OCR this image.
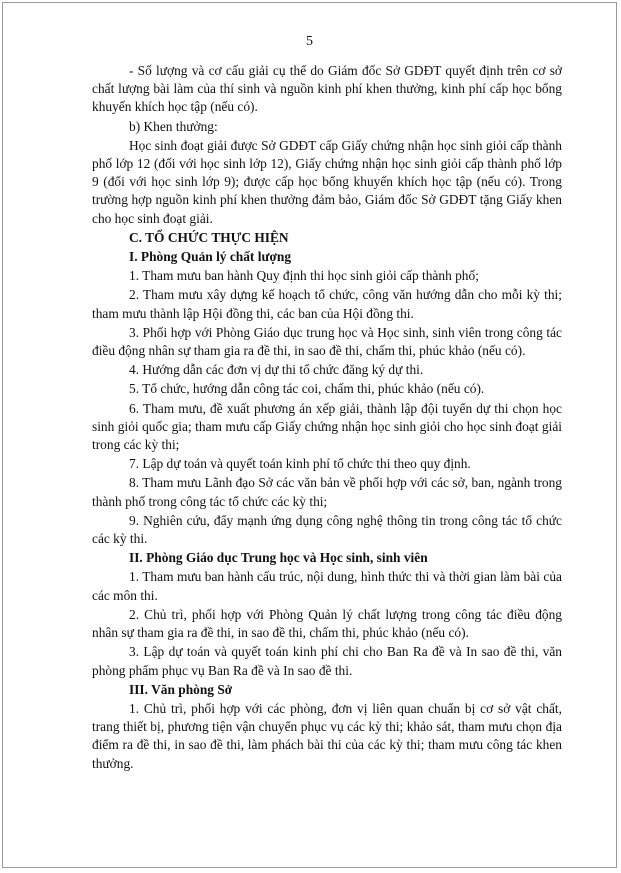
5

- Số lượng và cơ cấu giải cụ thể do Giám đốc Sở GDĐT quyết định trên cơ sở chất lượng bài làm của thí sinh và nguồn kinh phí khen thưởng, kinh phí cấp học bổng khuyến khích học tập (nếu có).

b) Khen thưởng:

Học sinh đoạt giải được Sở GDĐT cấp Giấy chứng nhận học sinh giỏi cấp thành phố lớp 12 (đối với học sinh lớp 12), Giấy chứng nhận học sinh giỏi cấp thành phố lớp 9 (đối với học sinh lớp 9); được cấp học bổng khuyến khích học tập (nếu có). Trong trường hợp nguồn kinh phí khen thưởng đảm bảo, Giám đốc Sở GDĐT tặng Giấy khen cho học sinh đoạt giải.

C. TỔ CHỨC THỰC HIỆN

I. Phòng Quản lý chất lượng

1. Tham mưu ban hành Quy định thi học sinh giỏi cấp thành phố;

2. Tham mưu xây dựng kế hoạch tổ chức, công văn hướng dẫn cho mỗi kỳ thi; tham mưu thành lập Hội đồng thi, các ban của Hội đồng thi.

3. Phối hợp với Phòng Giáo dục trung học và Học sinh, sinh viên trong công tác điều động nhân sự tham gia ra đề thi, in sao đề thi, chấm thi, phúc khảo (nếu có).

4. Hướng dẫn các đơn vị dự thi tổ chức đăng ký dự thi.

5. Tổ chức, hướng dẫn công tác coi, chấm thi, phúc khảo (nếu có).

6. Tham mưu, đề xuất phương án xếp giải, thành lập đội tuyển dự thi chọn học sinh giỏi quốc gia; tham mưu cấp Giấy chứng nhận học sinh giỏi cho học sinh đoạt giải trong các kỳ thi;

7. Lập dự toán và quyết toán kinh phí tổ chức thi theo quy định.

8. Tham mưu Lãnh đạo Sở các văn bản về phối hợp với các sở, ban, ngành trong thành phố trong công tác tổ chức các kỳ thi;

9. Nghiên cứu, đẩy mạnh ứng dụng công nghệ thông tin trong công tác tổ chức các kỳ thi.

II. Phòng Giáo dục Trung học và Học sinh, sinh viên

1. Tham mưu ban hành cấu trúc, nội dung, hình thức thi và thời gian làm bài của các môn thi.

2. Chủ trì, phối hợp với Phòng Quản lý chất lượng trong công tác điều động nhân sự tham gia ra đề thi, in sao đề thi, chấm thi, phúc khảo (nếu có).

3. Lập dự toán và quyết toán kinh phí chi cho Ban Ra đề và In sao đề thi, văn phòng phẩm phục vụ Ban Ra đề và In sao đề thi.

III. Văn phòng Sở

1. Chủ trì, phối hợp với các phòng, đơn vị liên quan chuẩn bị cơ sở vật chất, trang thiết bị, phương tiện vận chuyển phục vụ các kỳ thi; khảo sát, tham mưu chọn địa điểm ra đề thi, in sao đề thi, làm phách bài thi của các kỳ thi; tham mưu công tác khen thưởng.
